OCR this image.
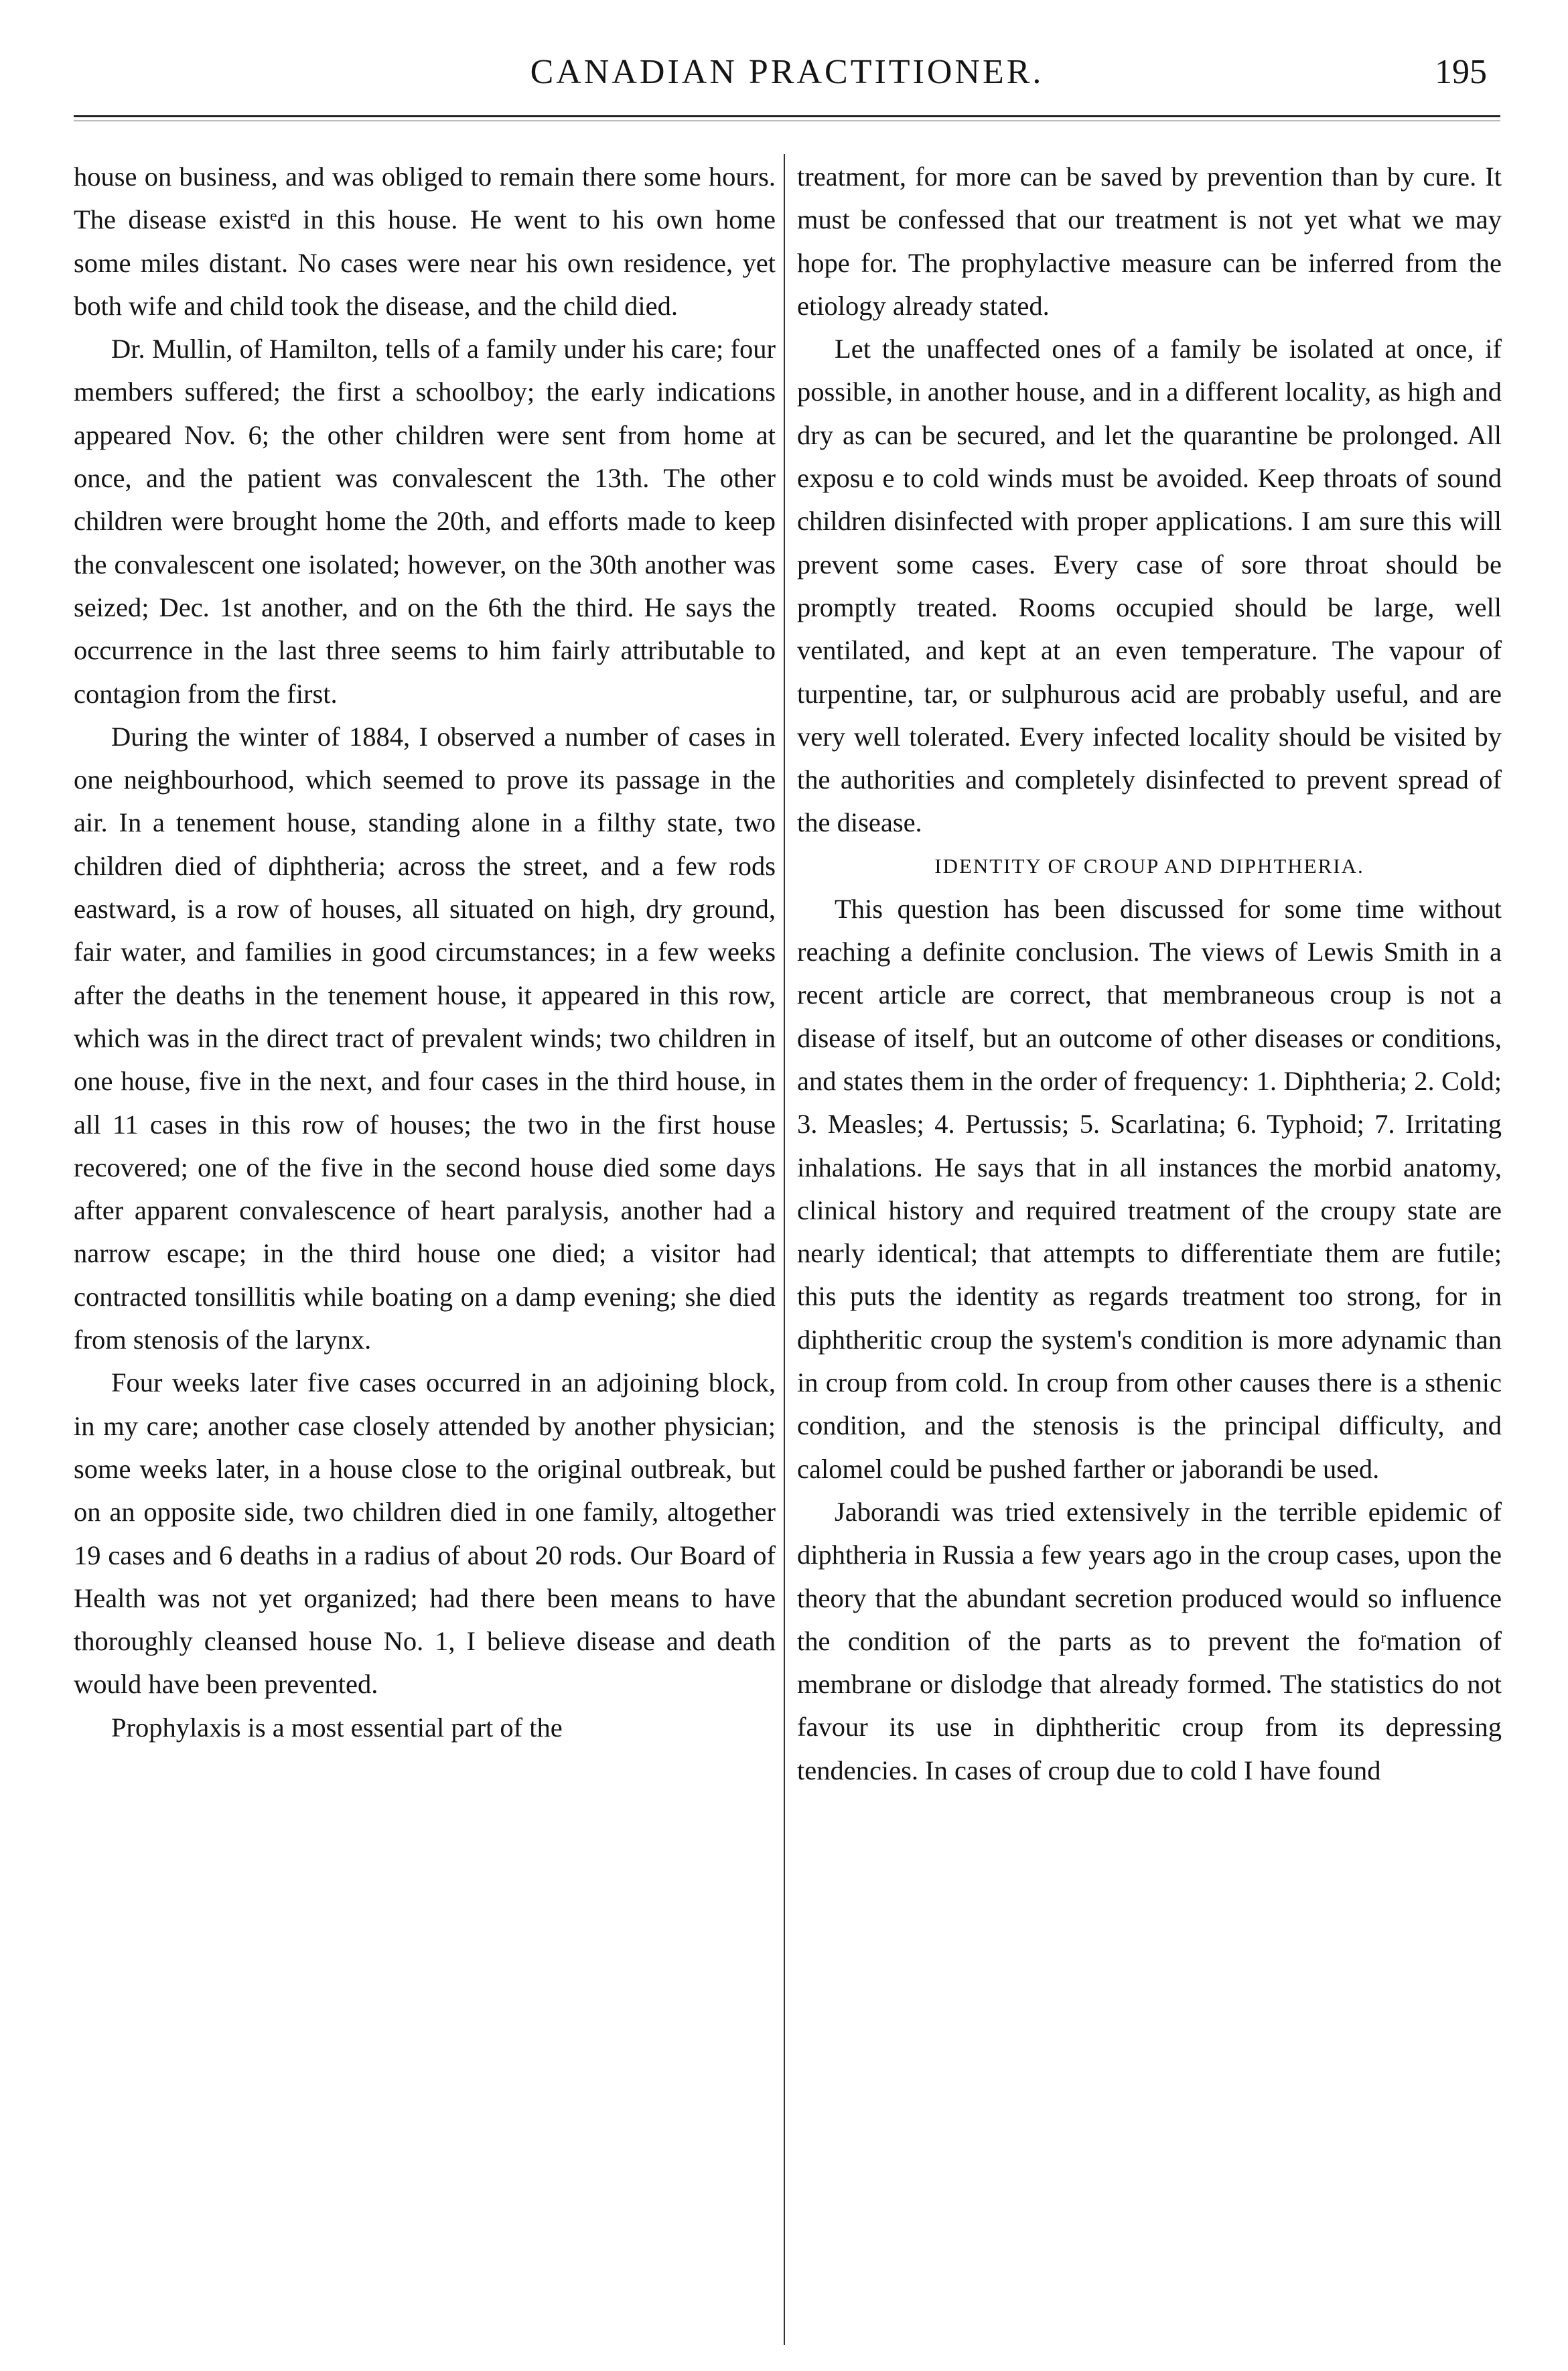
CANADIAN PRACTITIONER.	195

house on business, and was obliged to remain there some hours. The disease existᵉd in this house. He went to his own home some miles distant. No cases were near his own residence, yet both wife and child took the disease, and the child died.

Dr. Mullin, of Hamilton, tells of a family under his care; four members suffered; the first a schoolboy; the early indications appeared Nov. 6; the other children were sent from home at once, and the patient was convalescent the 13th. The other children were brought home the 20th, and efforts made to keep the convalescent one isolated; however, on the 30th another was seized; Dec. 1st another, and on the 6th the third. He says the occurrence in the last three seems to him fairly attributable to contagion from the first.

During the winter of 1884, I observed a number of cases in one neighbourhood, which seemed to prove its passage in the air. In a tenement house, standing alone in a filthy state, two children died of diphtheria; across the street, and a few rods eastward, is a row of houses, all situated on high, dry ground, fair water, and families in good circumstances; in a few weeks after the deaths in the tenement house, it appeared in this row, which was in the direct tract of prevalent winds; two children in one house, five in the next, and four cases in the third house, in all 11 cases in this row of houses; the two in the first house recovered; one of the five in the second house died some days after apparent convalescence of heart paralysis, another had a narrow escape; in the third house one died; a visitor had contracted tonsillitis while boating on a damp evening; she died from stenosis of the larynx.

Four weeks later five cases occurred in an adjoining block, in my care; another case closely attended by another physician; some weeks later, in a house close to the original outbreak, but on an opposite side, two children died in one family, altogether 19 cases and 6 deaths in a radius of about 20 rods. Our Board of Health was not yet organized; had there been means to have thoroughly cleansed house No. 1, I believe disease and death would have been prevented.

Prophylaxis is a most essential part of the

treatment, for more can be saved by prevention than by cure. It must be confessed that our treatment is not yet what we may hope for. The prophylactive measure can be inferred from the etiology already stated.

Let the unaffected ones of a family be isolated at once, if possible, in another house, and in a different locality, as high and dry as can be secured, and let the quarantine be prolonged. All exposu e to cold winds must be avoided. Keep throats of sound children disinfected with proper applications. I am sure this will prevent some cases. Every case of sore throat should be promptly treated. Rooms occupied should be large, well ventilated, and kept at an even temperature. The vapour of turpentine, tar, or sulphurous acid are probably useful, and are very well tolerated. Every infected locality should be visited by the authorities and completely disinfected to prevent spread of the disease.

IDENTITY OF CROUP AND DIPHTHERIA.

This question has been discussed for some time without reaching a definite conclusion. The views of Lewis Smith in a recent article are correct, that membraneous croup is not a disease of itself, but an outcome of other diseases or conditions, and states them in the order of frequency: 1. Diphtheria; 2. Cold; 3. Measles; 4. Pertussis; 5. Scarlatina; 6. Typhoid; 7. Irritating inhalations. He says that in all instances the morbid anatomy, clinical history and required treatment of the croupy state are nearly identical; that attempts to differentiate them are futile; this puts the identity as regards treatment too strong, for in diphtheritic croup the system's condition is more adynamic than in croup from cold. In croup from other causes there is a sthenic condition, and the stenosis is the principal difficulty, and calomel could be pushed farther or jaborandi be used.

Jaborandi was tried extensively in the terrible epidemic of diphtheria in Russia a few years ago in the croup cases, upon the theory that the abundant secretion produced would so influence the condition of the parts as to prevent the foʳmation of membrane or dislodge that already formed. The statistics do not favour its use in diphtheritic croup from its depressing tendencies. In cases of croup due to cold I have found
